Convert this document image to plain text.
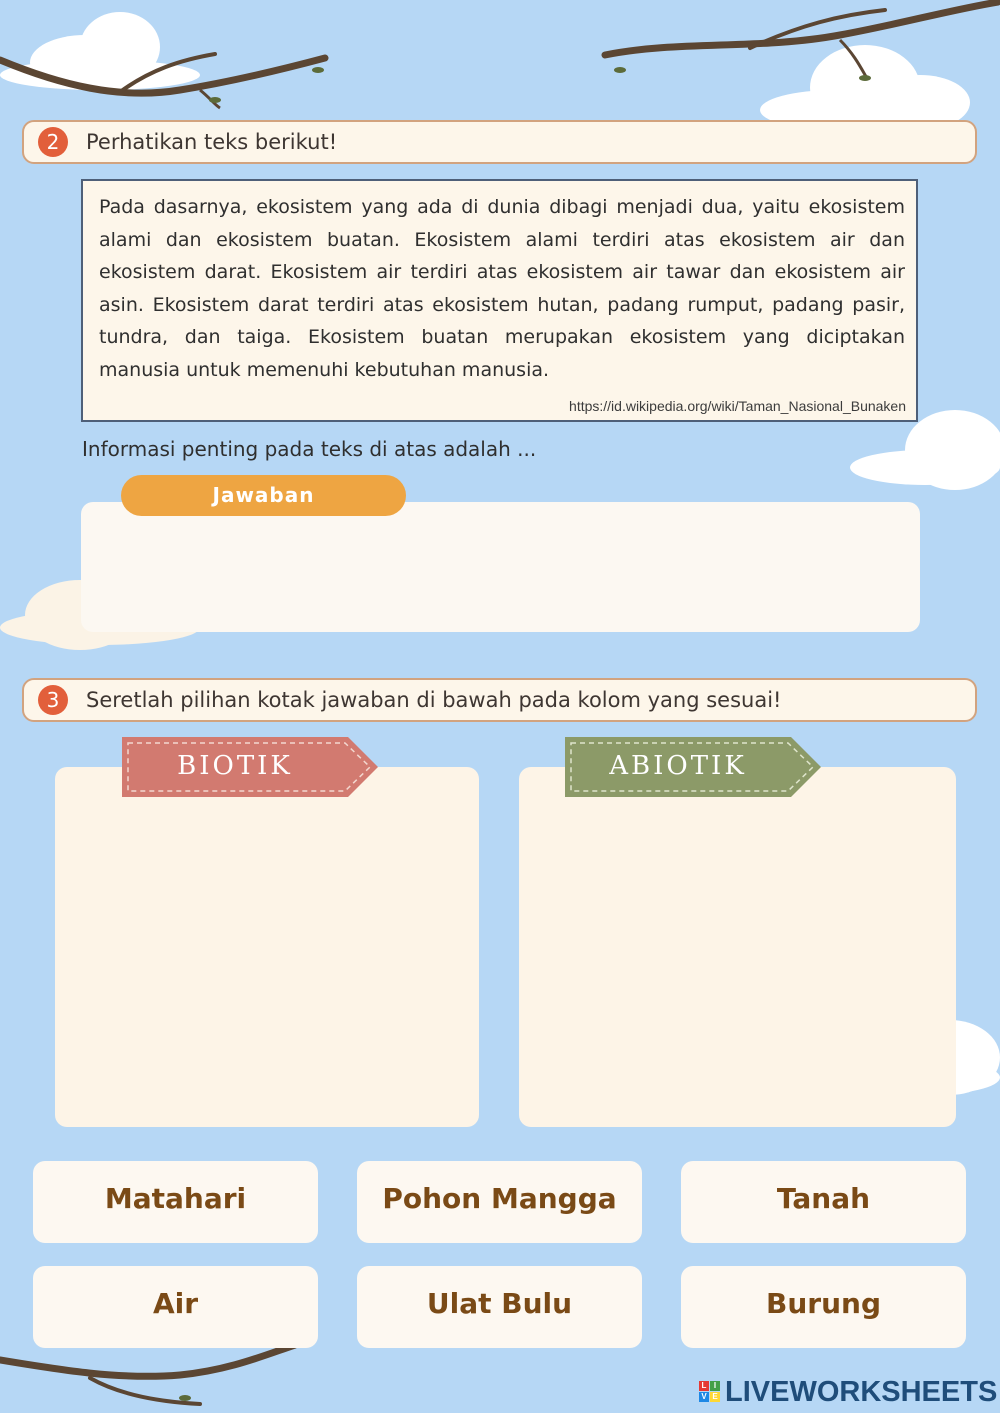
2	Perhatikan teks berikut!
Pada dasarnya, ekosistem yang ada di dunia dibagi menjadi dua, yaitu ekosistem alami dan ekosistem buatan. Ekosistem alami terdiri atas ekosistem air dan ekosistem darat. Ekosistem air terdiri atas ekosistem air tawar dan ekosistem air asin. Ekosistem darat terdiri atas ekosistem hutan, padang rumput, padang pasir, tundra, dan taiga. Ekosistem buatan merupakan ekosistem yang diciptakan manusia untuk memenuhi kebutuhan manusia.
https://id.wikipedia.org/wiki/Taman_Nasional_Bunaken
Informasi penting pada teks di atas adalah ...
Jawaban
3	Seretlah pilihan kotak jawaban di bawah pada kolom yang sesuai!
BIOTIK	ABIOTIK
Matahari	Pohon Mangga	Tanah
Air	Ulat Bulu	Burung
L I
V E LIVEWORKSHEETS
